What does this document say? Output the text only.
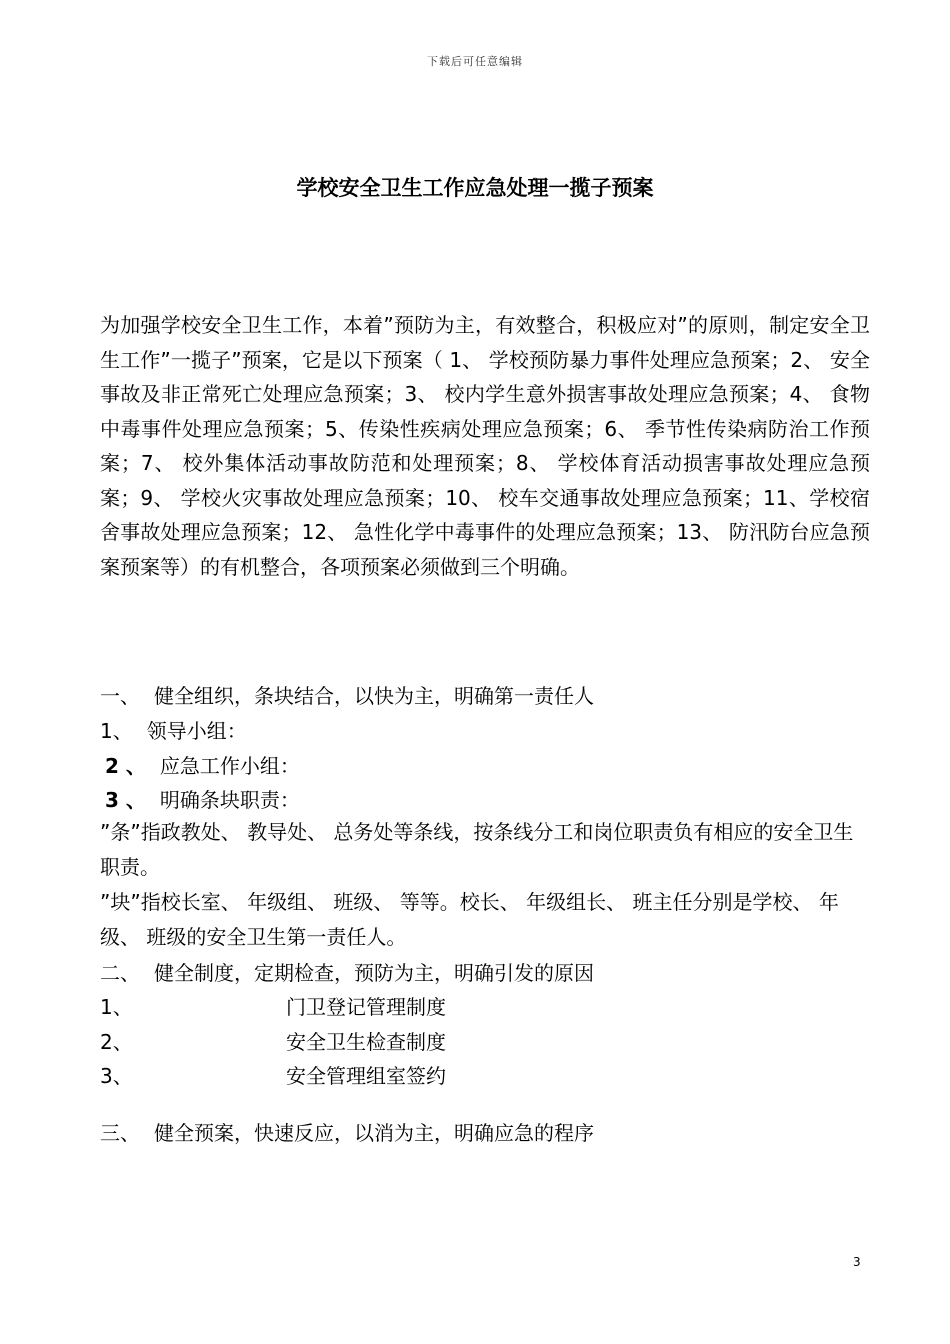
下载后可任意编辑
学校安全卫生工作应急处理一揽子预案

为加强学校安全卫生工作，本着”预防为主，有效整合，积极应对”的原则，制定安全卫生工作”一揽子”预案，它是以下预案（ 1、 学校预防暴力事件处理应急预案；2、 安全事故及非正常死亡处理应急预案；3、 校内学生意外损害事故处理应急预案；4、 食物中毒事件处理应急预案；5、传染性疾病处理应急预案；6、 季节性传染病防治工作预案；7、 校外集体活动事故防范和处理预案；8、 学校体育活动损害事故处理应急预案；9、 学校火灾事故处理应急预案；10、 校车交通事故处理应急预案；11、学校宿舍事故处理应急预案；12、 急性化学中毒事件的处理应急预案；13、 防汛防台应急预案预案等）的有机整合，各项预案必须做到三个明确。

一、 健全组织，条块结合，以快为主，明确第一责任人
1、 领导小组：
2 、 应急工作小组：
3 、 明确条块职责：

”条”指政教处、 教导处、 总务处等条线，按条线分工和岗位职责负有相应的安全卫生职责。

”块”指校长室、 年级组、 班级、 等等。校长、 年级组长、 班主任分别是学校、 年级、 班级的安全卫生第一责任人。

二、 健全制度，定期检查，预防为主，明确引发的原因
1、	门卫登记管理制度
2、	安全卫生检查制度
3、	安全管理组室签约
三、 健全预案，快速反应，以消为主，明确应急的程序
3
